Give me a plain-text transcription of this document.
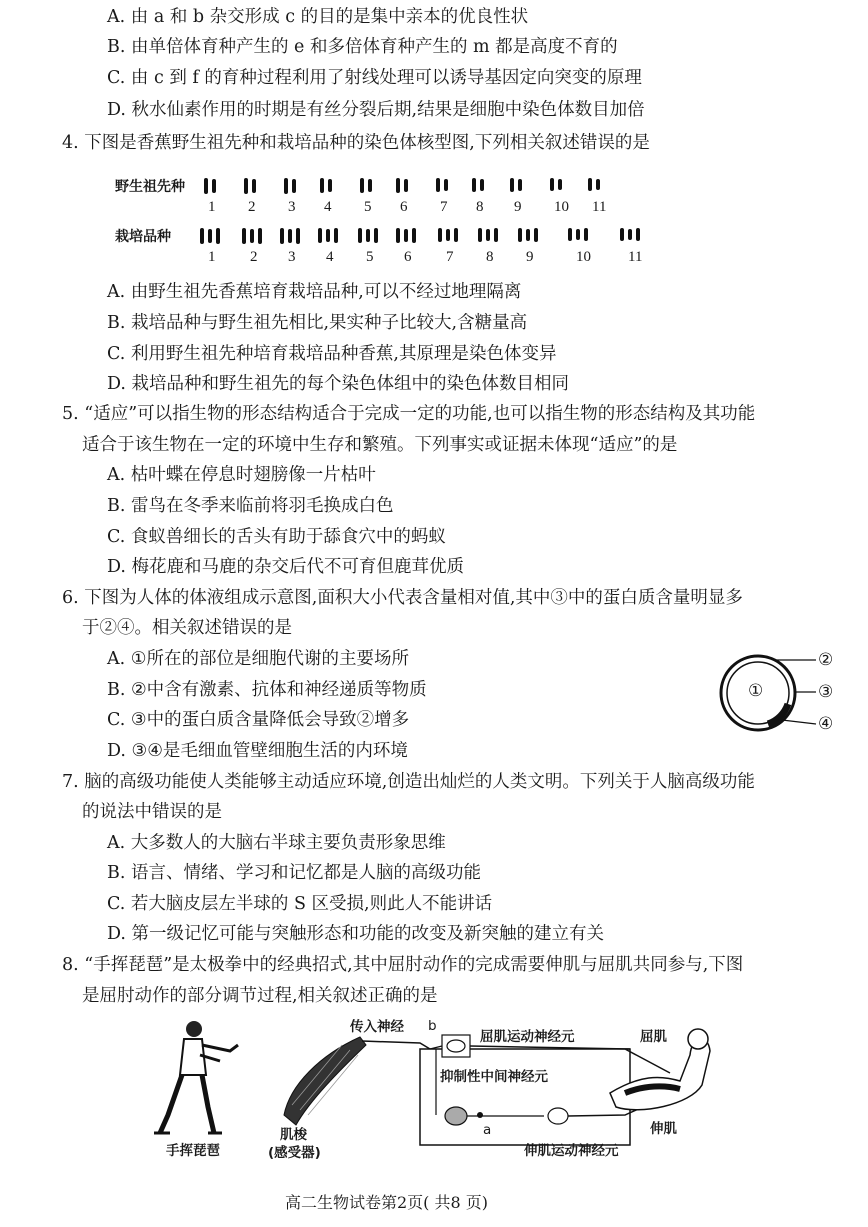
A. 由 a 和 b 杂交形成 c 的目的是集中亲本的优良性状
B. 由单倍体育种产生的 e 和多倍体育种产生的 m 都是高度不育的
C. 由 c 到 f 的育种过程利用了射线处理可以诱导基因定向突变的原理
D. 秋水仙素作用的时期是有丝分裂后期,结果是细胞中染色体数目加倍
4. 下图是香蕉野生祖先种和栽培品种的染色体核型图,下列相关叙述错误的是
野生祖先种
栽培品种
1 2 3 4 5 6 7 8 9 10 11
1 2 3 4 5 6 7 8 9	10 11
A. 由野生祖先香蕉培育栽培品种,可以不经过地理隔离
B. 栽培品种与野生祖先相比,果实种子比较大,含糖量高
C. 利用野生祖先种培育栽培品种香蕉,其原理是染色体变异
D. 栽培品种和野生祖先的每个染色体组中的染色体数目相同
5. “适应”可以指生物的形态结构适合于完成一定的功能,也可以指生物的形态结构及其功能
适合于该生物在一定的环境中生存和繁殖。下列事实或证据未体现“适应”的是
A. 枯叶蝶在停息时翅膀像一片枯叶
B. 雷鸟在冬季来临前将羽毛换成白色
C. 食蚁兽细长的舌头有助于舔食穴中的蚂蚁
D. 梅花鹿和马鹿的杂交后代不可育但鹿茸优质
6. 下图为人体的体液组成示意图,面积大小代表含量相对值,其中③中的蛋白质含量明显多
于②④。相关叙述错误的是
A. ①所在的部位是细胞代谢的主要场所
B. ②中含有激素、抗体和神经递质等物质
C. ③中的蛋白质含量降低会导致②增多
D. ③④是毛细血管壁细胞生活的内环境
①
②
③
④
7. 脑的高级功能使人类能够主动适应环境,创造出灿烂的人类文明。下列关于人脑高级功能
的说法中错误的是
A. 大多数人的大脑右半球主要负责形象思维
B. 语言、情绪、学习和记忆都是人脑的高级功能
C. 若大脑皮层左半球的 S 区受损,则此人不能讲话
D. 第一级记忆可能与突触形态和功能的改变及新突触的建立有关
8. “手挥琵琶”是太极拳中的经典招式,其中屈肘动作的完成需要伸肌与屈肌共同参与,下图
是屈肘动作的部分调节过程,相关叙述正确的是
手挥琵琶
传入神经 b
屈肌运动神经元	屈肌
抑制性中间神经元
a
肌梭
(感受器)
伸肌
伸肌运动神经元
高二生物试卷第2页( 共8 页)
